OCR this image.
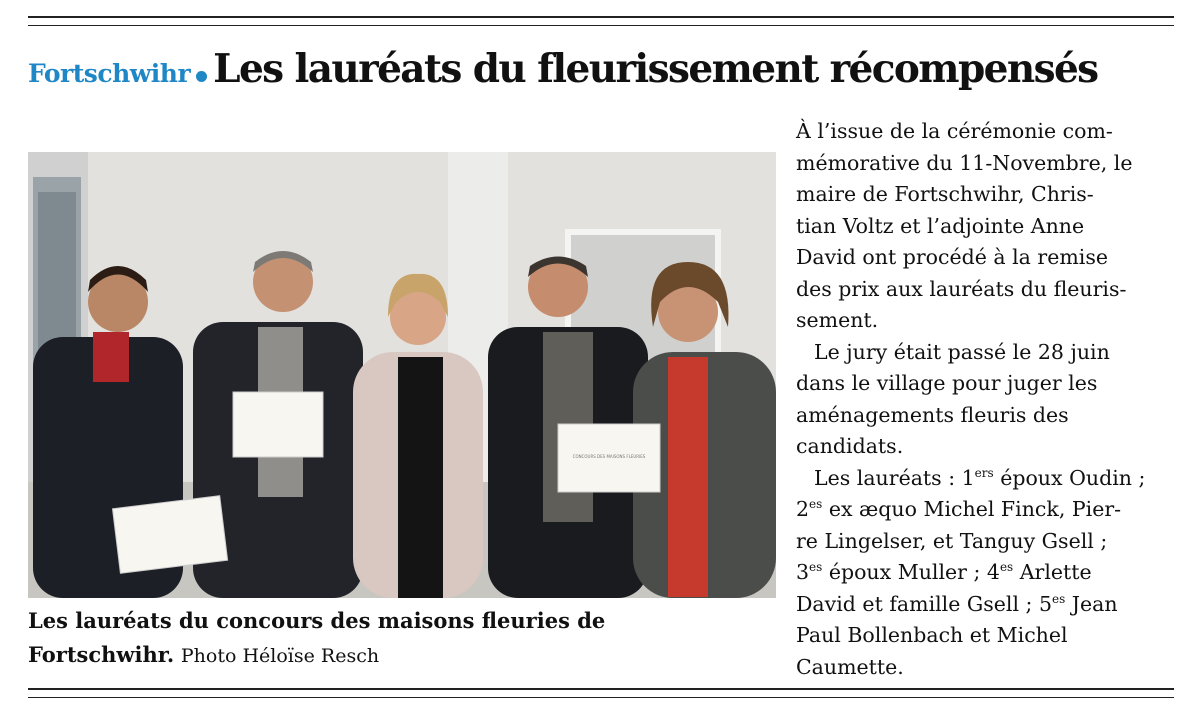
Fortschwihr Les lauréats du fleurissement récompensés
CONCOURS DES MAISONS FLEURIES
Les lauréats du concours des maisons fleuries de
Fortschwihr. Photo Héloïse Resch

À l’issue de la cérémonie com-
mémorative du 11-Novembre, le
maire de Fortschwihr, Chris-
tian Voltz et l’adjointe Anne
David ont procédé à la remise
des prix aux lauréats du fleuris-
sement.

Le jury était passé le 28 juin
dans le village pour juger les
aménagements fleuris des
candidats.

Les lauréats : 1ers époux Oudin ;
$2^{es}$ ex æquo Michel Finck, Pier-
re Lingelser, et Tanguy Gsell ;
$3^{es}$ époux Muller ; $4^{es}$ Arlette
David et famille Gsell ; $5^{es}$ Jean
Paul Bollenbach et Michel
Caumette.
